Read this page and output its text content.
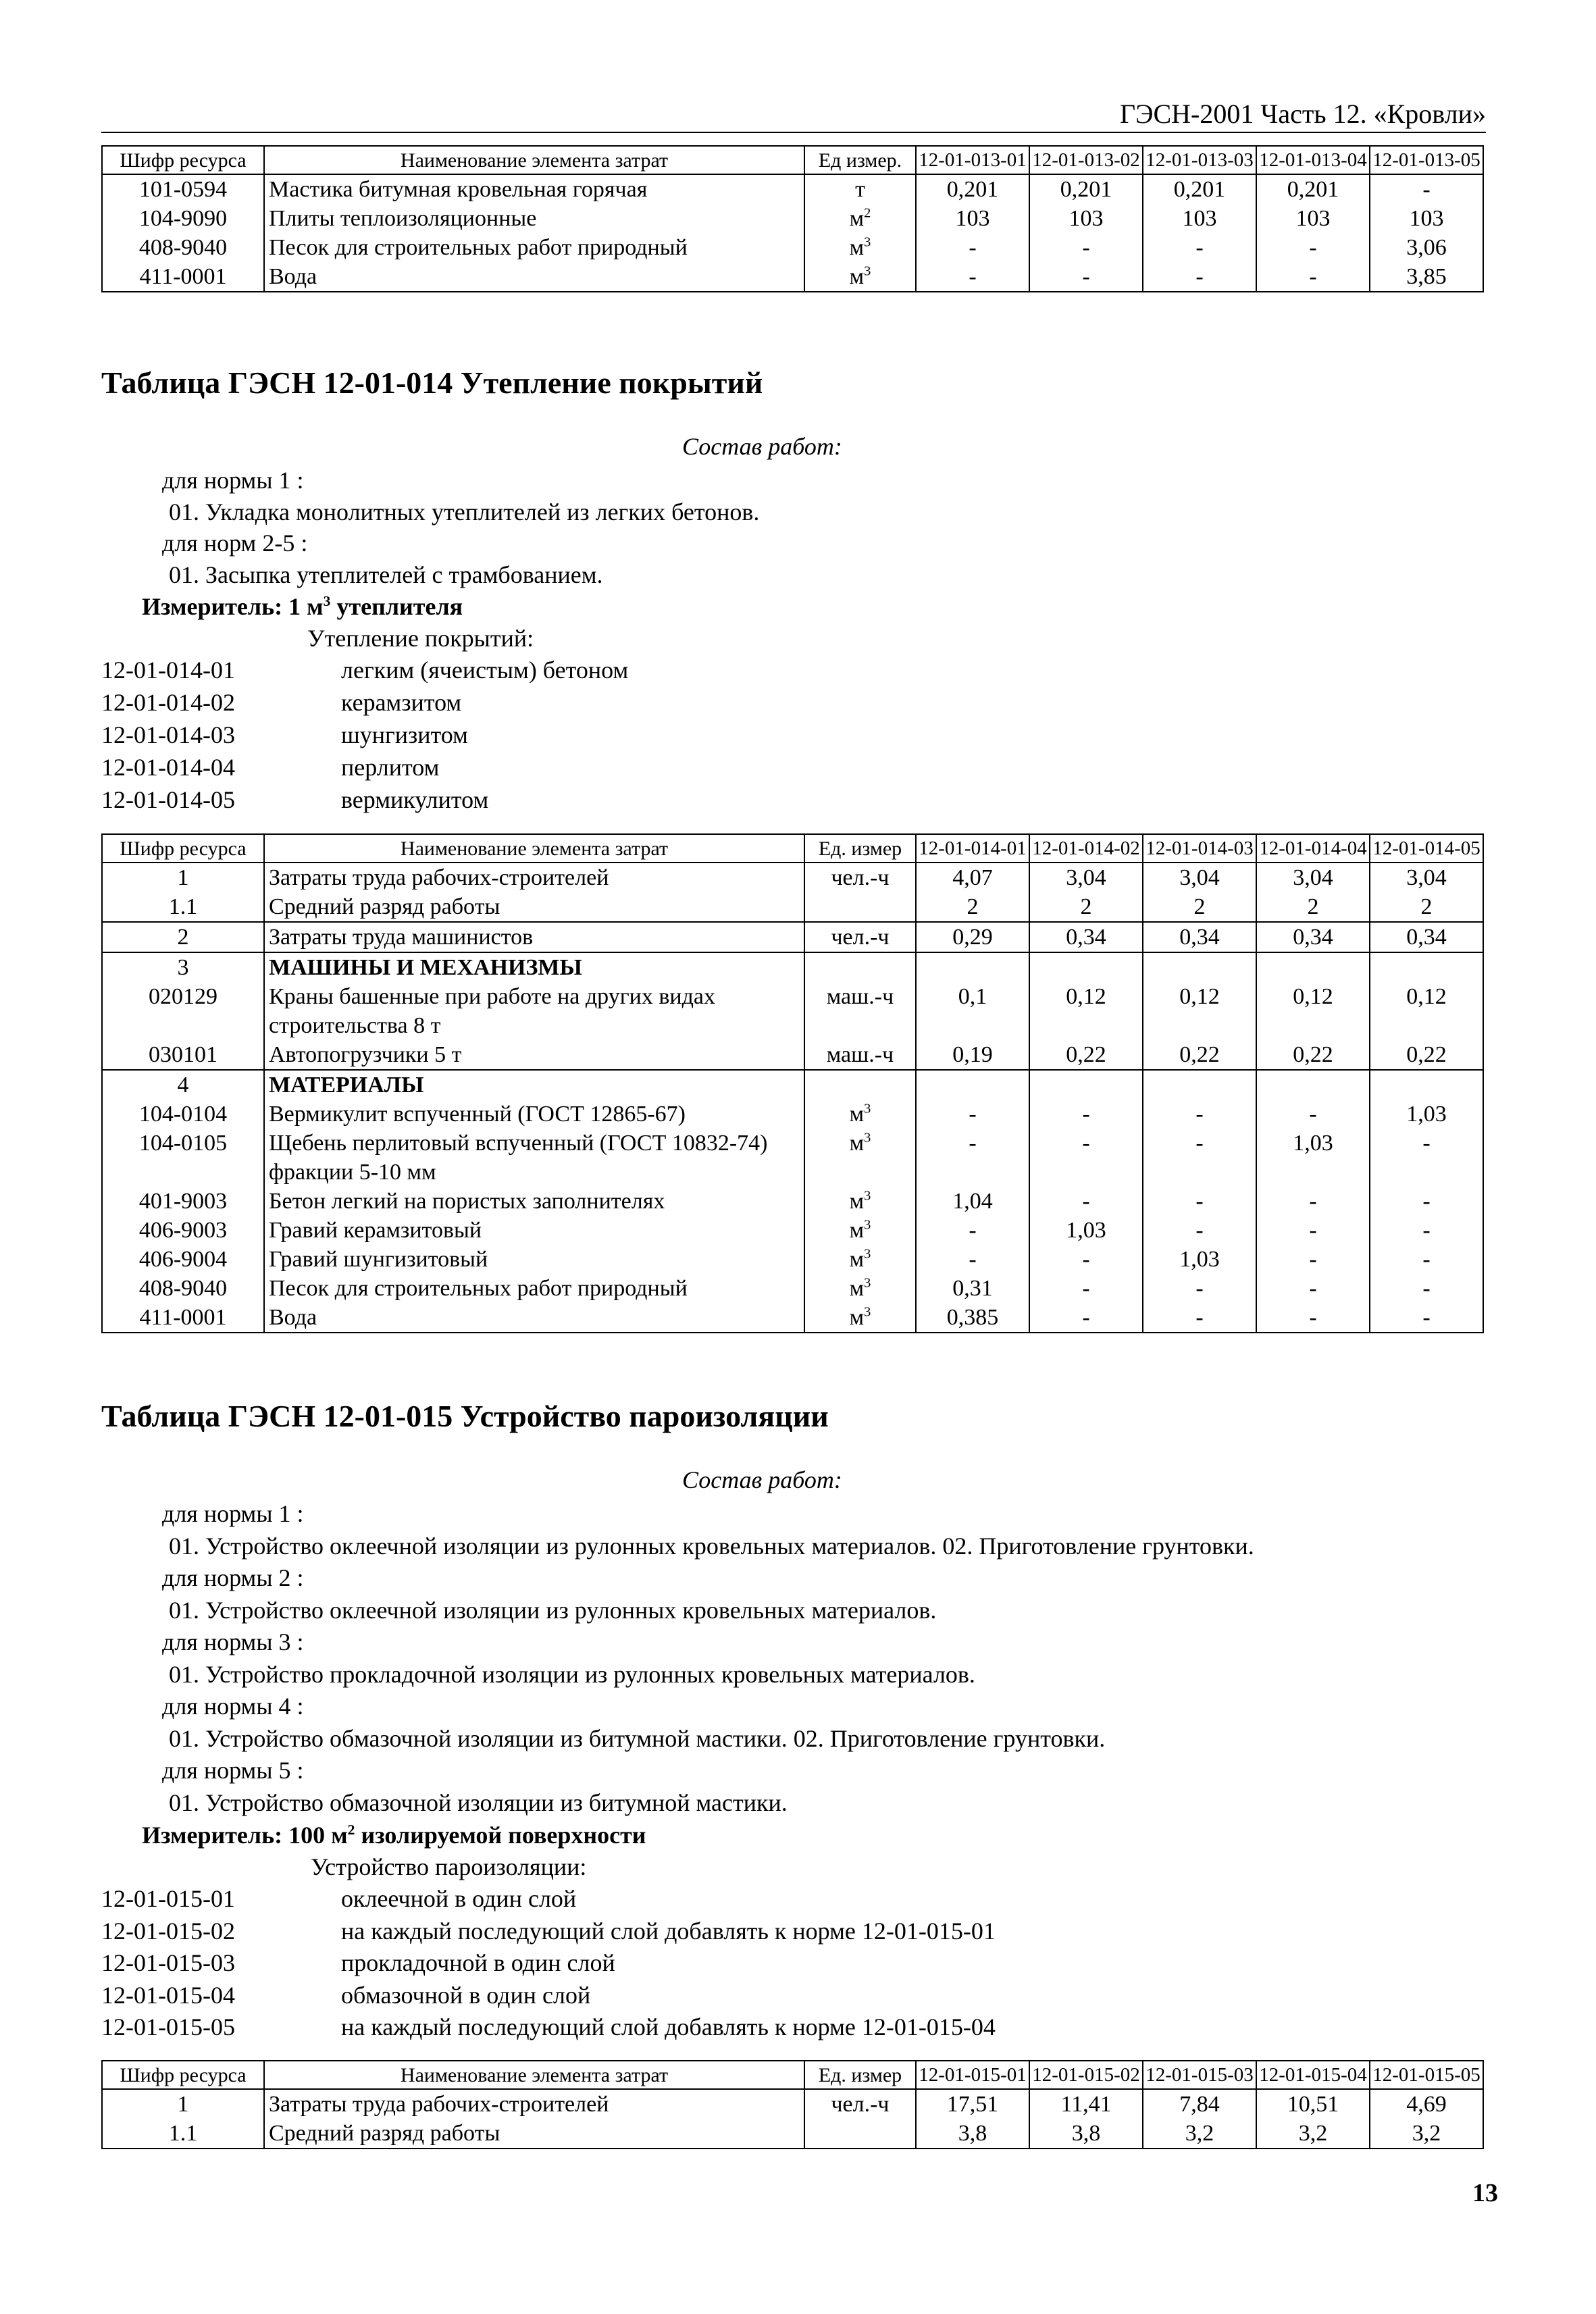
ГЭСН-2001 Часть 12. «Кровли»
Шифр ресурса	Наименование элемента затрат	Ед измер.	12-01-013-01	12-01-013-02	12-01-013-03	12-01-013-04	12-01-013-05
101-0594	Мастика битумная кровельная горячая	т	0,201	0,201	0,201	0,201	-
104-9090	Плиты теплоизоляционные	$м^2$	103	103	103	103	103
408-9040	Песок для строительных работ природный	$м^3$	-	-	-	-	3,06
411-0001	Вода	$м^3$	-	-	-	-	3,85
Таблица ГЭСН 12-01-014 Утепление покрытий
Состав работ:
для нормы 1 :
01. Укладка монолитных утеплителей из легких бетонов.
для норм 2-5 :
01. Засыпка утеплителей с трамбованием.
Измеритель: 1 $м^3$ утеплителя
Утепление покрытий:
12-01-014-01	легким (ячеистым) бетоном
12-01-014-02	керамзитом
12-01-014-03	шунгизитом
12-01-014-04	перлитом
12-01-014-05	вермикулитом
Шифр ресурса	Наименование элемента затрат	Ед. измер	12-01-014-01	12-01-014-02	12-01-014-03	12-01-014-04	12-01-014-05
1	Затраты труда рабочих-строителей	чел.-ч	4,07	3,04	3,04	3,04	3,04
1.1	Средний разряд работы		2	2	2	2	2
2	Затраты труда машинистов	чел.-ч	0,29	0,34	0,34	0,34	0,34
3	МАШИНЫ И МЕХАНИЗМЫ						
020129	Краны башенные при работе на других видах строительства 8 т	маш.-ч	0,1	0,12	0,12	0,12	0,12
030101	Автопогрузчики 5 т	маш.-ч	0,19	0,22	0,22	0,22	0,22
4	МАТЕРИАЛЫ						
104-0104	Вермикулит вспученный (ГОСТ 12865-67)	$м^3$	-	-	-	-	1,03
104-0105	Щебень перлитовый вспученный (ГОСТ 10832-74) фракции 5-10 мм	$м^3$	-	-	-	1,03	-
401-9003	Бетон легкий на пористых заполнителях	$м^3$	1,04	-	-	-	-
406-9003	Гравий керамзитовый	$м^3$	-	1,03	-	-	-
406-9004	Гравий шунгизитовый	$м^3$	-	-	1,03	-	-
408-9040	Песок для строительных работ природный	$м^3$	0,31	-	-	-	-
411-0001	Вода	$м^3$	0,385	-	-	-	-
Таблица ГЭСН 12-01-015 Устройство пароизоляции
Состав работ:
для нормы 1 :
01. Устройство оклеечной изоляции из рулонных кровельных материалов. 02. Приготовление грунтовки.
для нормы 2 :
01. Устройство оклеечной изоляции из рулонных кровельных материалов.
для нормы 3 :
01. Устройство прокладочной изоляции из рулонных кровельных материалов.
для нормы 4 :
01. Устройство обмазочной изоляции из битумной мастики. 02. Приготовление грунтовки.
для нормы 5 :
01. Устройство обмазочной изоляции из битумной мастики.
Измеритель: 100 $м^2$ изолируемой поверхности
Устройство пароизоляции:
12-01-015-01	оклеечной в один слой
12-01-015-02	на каждый последующий слой добавлять к норме 12-01-015-01
12-01-015-03	прокладочной в один слой
12-01-015-04	обмазочной в один слой
12-01-015-05	на каждый последующий слой добавлять к норме 12-01-015-04
Шифр ресурса	Наименование элемента затрат	Ед. измер	12-01-015-01	12-01-015-02	12-01-015-03	12-01-015-04	12-01-015-05
1	Затраты труда рабочих-строителей	чел.-ч	17,51	11,41	7,84	10,51	4,69
1.1	Средний разряд работы		3,8	3,8	3,2	3,2	3,2
13
